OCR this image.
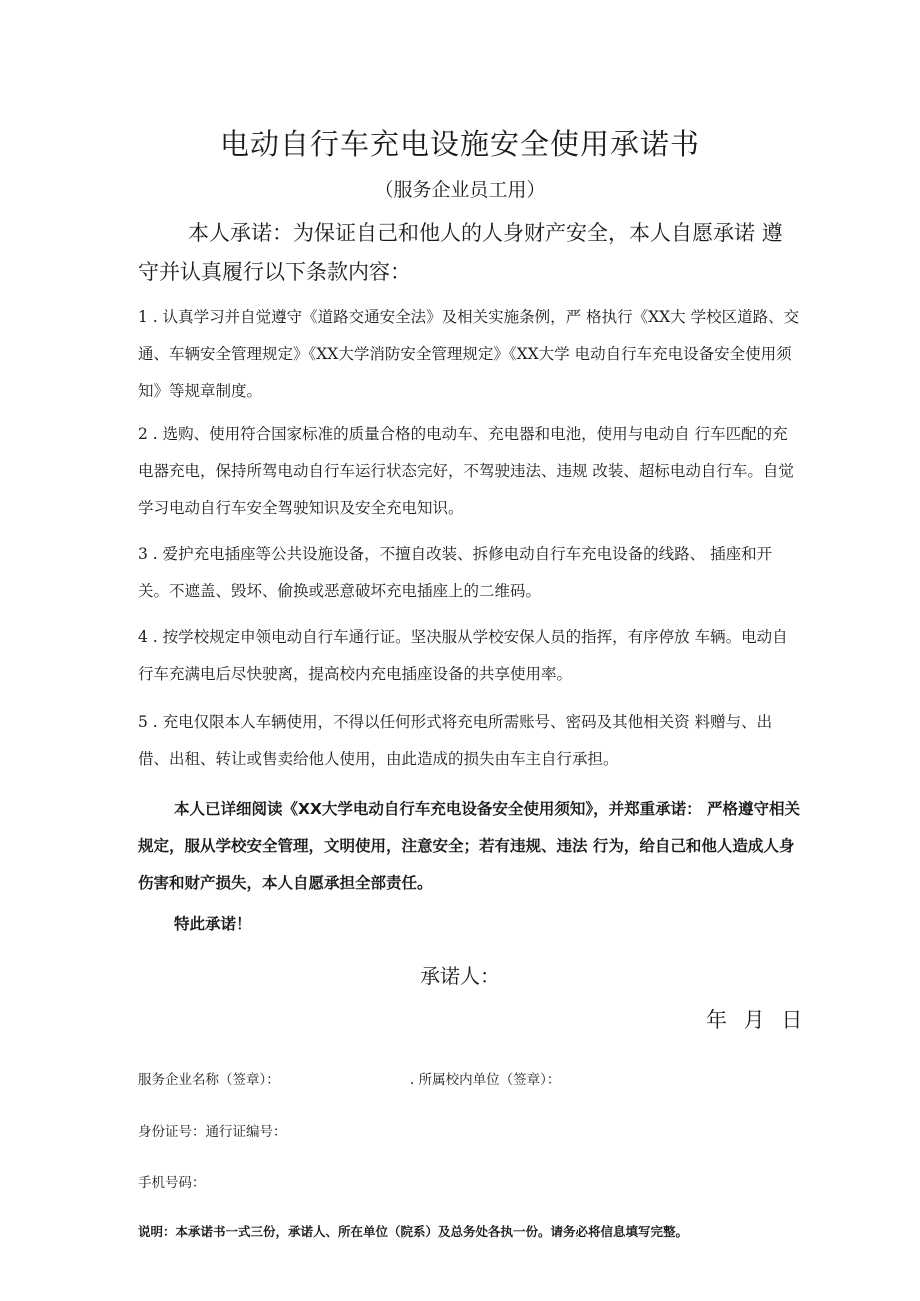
电动自行车充电设施安全使用承诺书
（服务企业员工用）

本人承诺：为保证自己和他人的人身财产安全，本人自愿承诺 遵守并认真履行以下条款内容：

1 . 认真学习并自觉遵守《道路交通安全法》及相关实施条例，严 格执行《XX大 学校区道路、交通、车辆安全管理规定》《XX大学消防安全管理规定》《XX大学 电动自行车充电设备安全使用须知》等规章制度。

2 . 选购、使用符合国家标准的质量合格的电动车、充电器和电池，使用与电动自 行车匹配的充电器充电，保持所驾电动自行车运行状态完好，不驾驶违法、违规 改装、超标电动自行车。自觉学习电动自行车安全驾驶知识及安全充电知识。

3 . 爱护充电插座等公共设施设备，不擅自改装、拆修电动自行车充电设备的线路、 插座和开关。不遮盖、毁坏、偷换或恶意破坏充电插座上的二维码。

4 . 按学校规定申领电动自行车通行证。坚决服从学校安保人员的指挥，有序停放 车辆。电动自行车充满电后尽快驶离，提高校内充电插座设备的共享使用率。

5 . 充电仅限本人车辆使用，不得以任何形式将充电所需账号、密码及其他相关资 料赠与、出借、出租、转让或售卖给他人使用，由此造成的损失由车主自行承担。

本人已详细阅读《XX大学电动自行车充电设备安全使用须知》，并郑重承诺： 严格遵守相关规定，服从学校安全管理，文明使用，注意安全；若有违规、违法 行为，给自己和他人造成人身伤害和财产损失，本人自愿承担全部责任。

特此承诺！
承诺人：
年 月 日
服务企业名称（签章）：	. 所属校内单位（签章）：
身份证号：通行证编号：
手机号码：
说明：本承诺书一式三份，承诺人、所在单位（院系）及总务处各执一份。请务必将信息填写完整。
